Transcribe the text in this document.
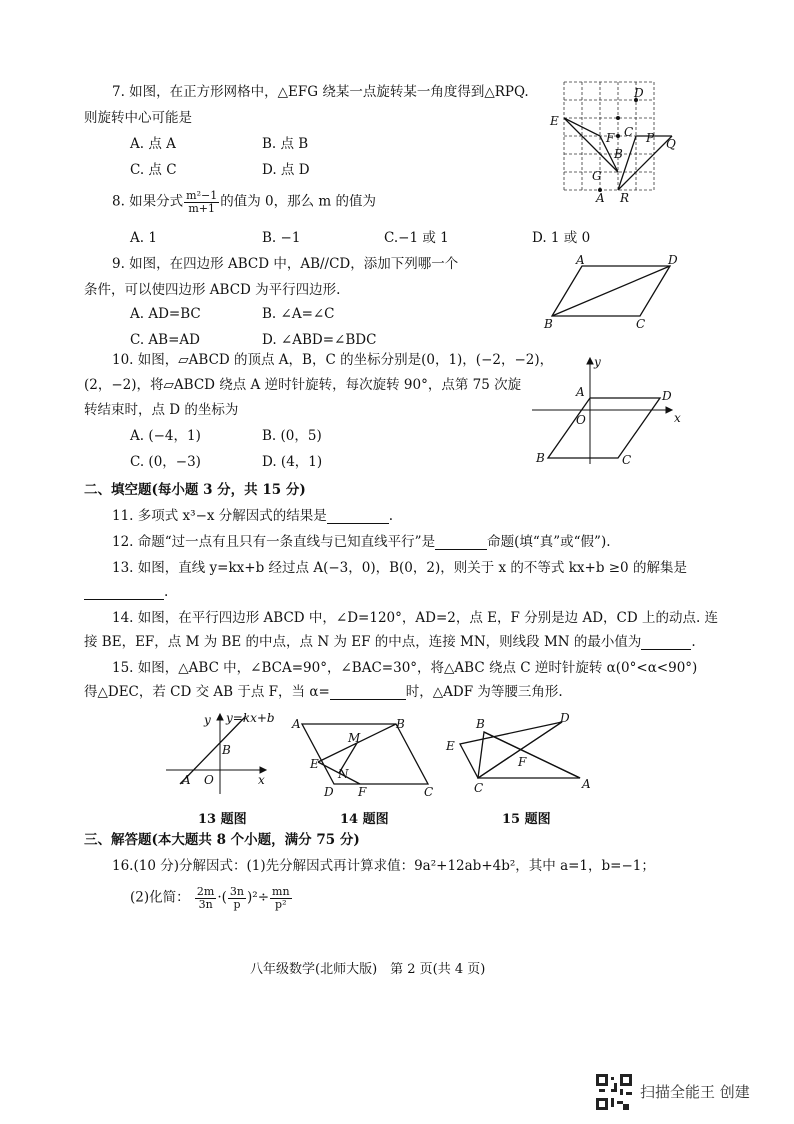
7. 如图，在正方形网格中，△EFG 绕某一点旋转某一角度得到△RPQ.
则旋转中心可能是
A. 点 A	B. 点 B
C. 点 C	D. 点 D
D
E
F C P Q
B
G
A R
8. 如果分式 $\frac{\text{m²−1}}{m+1}$ 的值为 0，那么 m 的值为
A. 1	B. −1	C.−1 或 1	D. 1 或 0
9. 如图，在四边形 ABCD 中，AB//CD，添加下列哪一个
条件，可以使四边形 ABCD 为平行四边形.
A. AD=BC	B. ∠A=∠C
C. AB=AD	D. ∠ABD=∠BDC
A	D
B	C
10. 如图，▱ABCD 的顶点 A，B，C 的坐标分别是(0，1)，(−2，−2)，
(2，−2)，将▱ABCD 绕点 A 逆时针旋转，每次旋转 90°，点第 75 次旋
转结束时，点 D 的坐标为
A. (−4，1)	B. (0，5)
C. (0，−3)	D. (4，1)
y
A	D
O	x
B	C
二、填空题(每小题 3 分，共 15 分)
11. 多项式 x³−x 分解因式的结果是	.
12. 命题“过一点有且只有一条直线与已知直线平行”是	命题(填“真”或“假”).
13. 如图，直线 y=kx+b 经过点 A(−3，0)，B(0，2)，则关于 x 的不等式 kx+b ≥0 的解集是
.
14. 如图，在平行四边形 ABCD 中，∠D=120°，AD=2，点 E，F 分别是边 AD，CD 上的动点. 连
接 BE，EF，点 M 为 BE 的中点，点 N 为 EF 的中点，连接 MN，则线段 MN 的最小值为	.
15. 如图，△ABC 中，∠BCA=90°，∠BAC=30°，将△ABC 绕点 C 逆时针旋转 α(0°<α<90°)
得△DEC，若 CD 交 AB 于点 F，当 α=	时，△ADF 为等腰三角形.
y y=kx+b
B
A O	x
13 题图
A	B
M
E
N
D F	C
14 题图
B	D
E
F
C	A
15 题图
三、解答题(本大题共 8 个小题，满分 75 分)
16.(10 分)分解因式：(1)先分解因式再计算求值：9a²+12ab+4b²，其中 a=1，b=−1；
(2)化简： $\frac{2m}{3n}$ ·( $\frac{3n}{p} )^2\div \frac{mn}{\text{p²}}$
八年级数学(北师大版)　第 2 页(共 4 页)
扫描全能王 创建
